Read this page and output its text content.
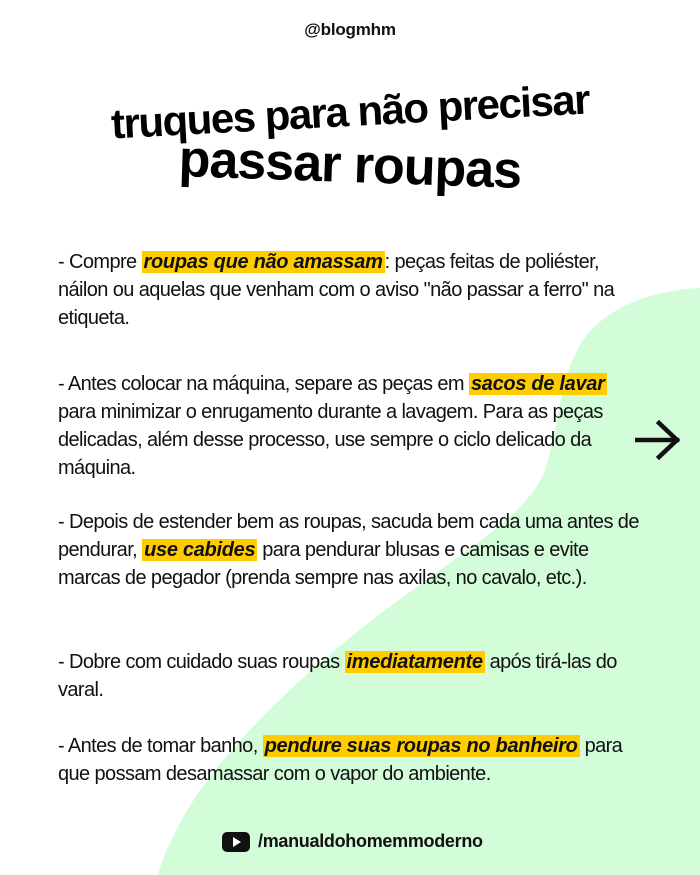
@blogmhm
truques para não precisar
passar roupas

- Compre roupas que não amassam : peças feitas de poliéster, náilon ou aquelas que venham com o aviso "não passar a ferro" na etiqueta.

- Antes colocar na máquina, separe as peças em sacos de lavar para minimizar o enrugamento durante a lavagem. Para as peças delicadas, além desse processo, use sempre o ciclo delicado da máquina.

- Depois de estender bem as roupas, sacuda bem cada uma antes de pendurar, use cabides para pendurar blusas e camisas e evite marcas de pegador (prenda sempre nas axilas, no cavalo, etc.).

- Dobre com cuidado suas roupas imediatamente após tirá-las do varal.

- Antes de tomar banho, pendure suas roupas no banheiro para que possam desamassar com o vapor do ambiente.

/manualdohomemmoderno
